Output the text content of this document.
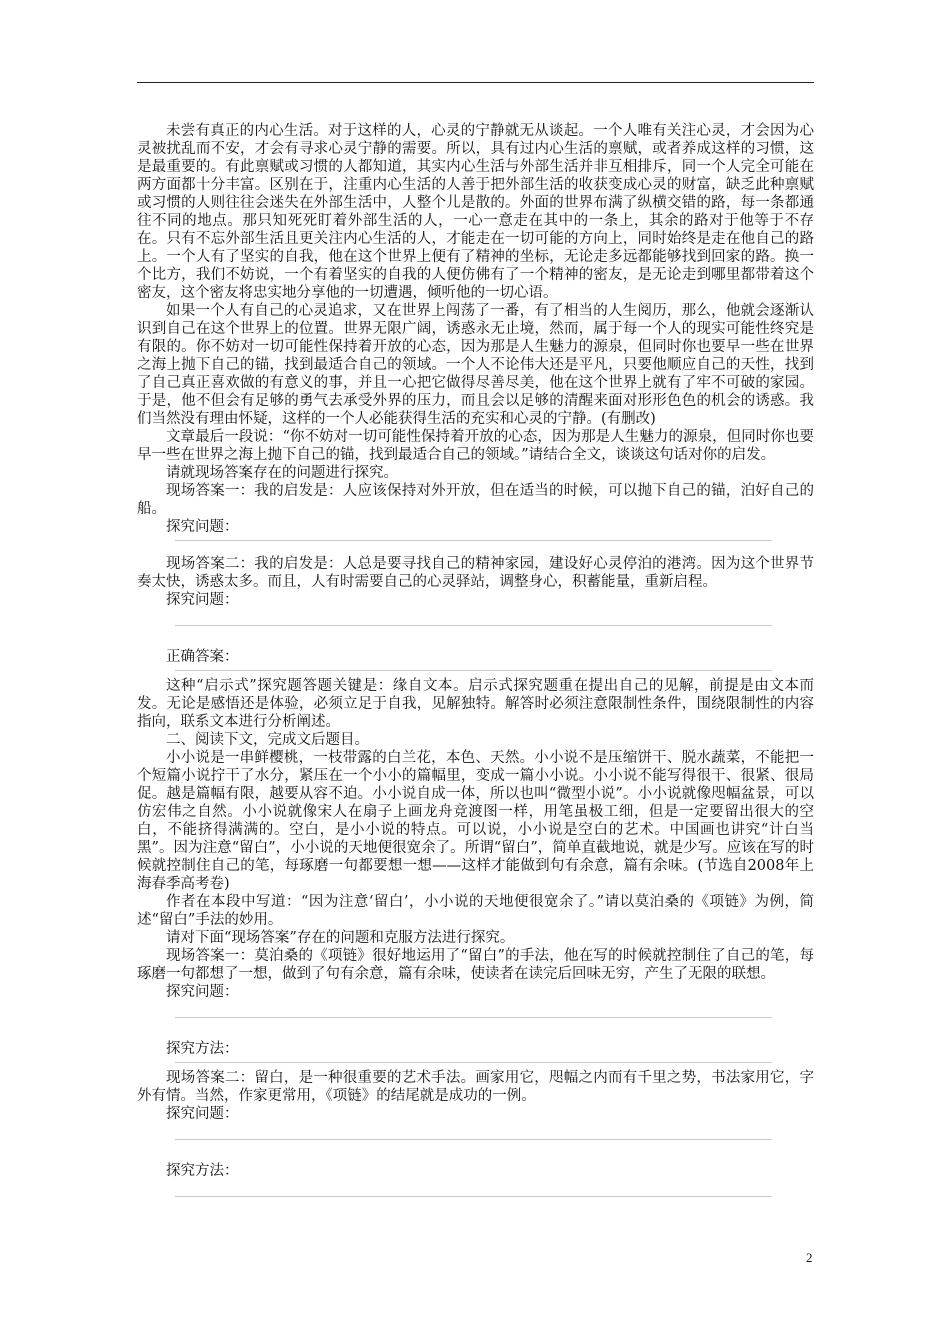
未尝有真正的内心生活。对于这样的人，心灵的宁静就无从谈起。一个人唯有关注心灵，才会因为心灵被扰乱而不安，才会有寻求心灵宁静的需要。所以，具有过内心生活的禀赋，或者养成这样的习惯，这是最重要的。有此禀赋或习惯的人都知道，其实内心生活与外部生活并非互相排斥，同一个人完全可能在两方面都十分丰富。区别在于，注重内心生活的人善于把外部生活的收获变成心灵的财富，缺乏此种禀赋或习惯的人则往往会迷失在外部生活中，人整个儿是散的。外面的世界布满了纵横交错的路，每一条都通往不同的地点。那只知死死盯着外部生活的人，一心一意走在其中的一条上，其余的路对于他等于不存在。只有不忘外部生活且更关注内心生活的人，才能走在一切可能的方向上，同时始终是走在他自己的路上。一个人有了坚实的自我，他在这个世界上便有了精神的坐标，无论走多远都能够找到回家的路。换一个比方，我们不妨说，一个有着坚实的自我的人便仿佛有了一个精神的密友，是无论走到哪里都带着这个密友，这个密友将忠实地分享他的一切遭遇，倾听他的一切心语。

如果一个人有自己的心灵追求，又在世界上闯荡了一番，有了相当的人生阅历，那么，他就会逐渐认识到自己在这个世界上的位置。世界无限广阔，诱惑永无止境，然而，属于每一个人的现实可能性终究是有限的。你不妨对一切可能性保持着开放的心态，因为那是人生魅力的源泉，但同时你也要早一些在世界之海上抛下自己的锚，找到最适合自己的领域。一个人不论伟大还是平凡，只要他顺应自己的天性，找到了自己真正喜欢做的有意义的事，并且一心把它做得尽善尽美，他在这个世界上就有了牢不可破的家园。于是，他不但会有足够的勇气去承受外界的压力，而且会以足够的清醒来面对形形色色的机会的诱惑。我们当然没有理由怀疑，这样的一个人必能获得生活的充实和心灵的宁静。(有删改)

文章最后一段说：“你不妨对一切可能性保持着开放的心态，因为那是人生魅力的源泉，但同时你也要早一些在世界之海上抛下自己的锚，找到最适合自己的领域。”请结合全文，谈谈这句话对你的启发。

请就现场答案存在的问题进行探究。

现场答案一：我的启发是：人应该保持对外开放，但在适当的时候，可以抛下自己的锚，泊好自己的船。

探究问题：

现场答案二：我的启发是：人总是要寻找自己的精神家园，建设好心灵停泊的港湾。因为这个世界节奏太快，诱惑太多。而且，人有时需要自己的心灵驿站，调整身心，积蓄能量，重新启程。

探究问题：

正确答案：

这种“启示式”探究题答题关键是：缘自文本。启示式探究题重在提出自己的见解，前提是由文本而发。无论是感悟还是体验，必须立足于自我，见解独特。解答时必须注意限制性条件，围绕限制性的内容指向，联系文本进行分析阐述。

二、阅读下文，完成文后题目。

小小说是一串鲜樱桃，一枝带露的白兰花，本色、天然。小小说不是压缩饼干、脱水蔬菜，不能把一个短篇小说拧干了水分，紧压在一个小小的篇幅里，变成一篇小小说。小小说不能写得很干、很紧、很局促。越是篇幅有限，越要从容不迫。小小说自成一体，所以也叫“微型小说”。小小说就像咫幅盆景，可以仿宏伟之自然。小小说就像宋人在扇子上画龙舟竞渡图一样，用笔虽极工细，但是一定要留出很大的空白，不能挤得满满的。空白，是小小说的特点。可以说，小小说是空白的艺术。中国画也讲究“计白当黑”。因为注意“留白”，小小说的天地便很宽余了。所谓“留白”，简单直截地说，就是少写。应该在写的时候就控制住自己的笔，每琢磨一句都要想一想——这样才能做到句有余意，篇有余味。(节选自2008年上海春季高考卷)

作者在本段中写道：“因为注意‘留白’，小小说的天地便很宽余了。”请以莫泊桑的《项链》为例，简述“留白”手法的妙用。

请对下面“现场答案”存在的问题和克服方法进行探究。

现场答案一：莫泊桑的《项链》很好地运用了“留白”的手法，他在写的时候就控制住了自己的笔，每琢磨一句都想了一想，做到了句有余意，篇有余味，使读者在读完后回味无穷，产生了无限的联想。

探究问题：

探究方法：

现场答案二：留白，是一种很重要的艺术手法。画家用它，咫幅之内而有千里之势，书法家用它，字外有情。当然，作家更常用，《项链》的结尾就是成功的一例。

探究问题：

探究方法：

2
